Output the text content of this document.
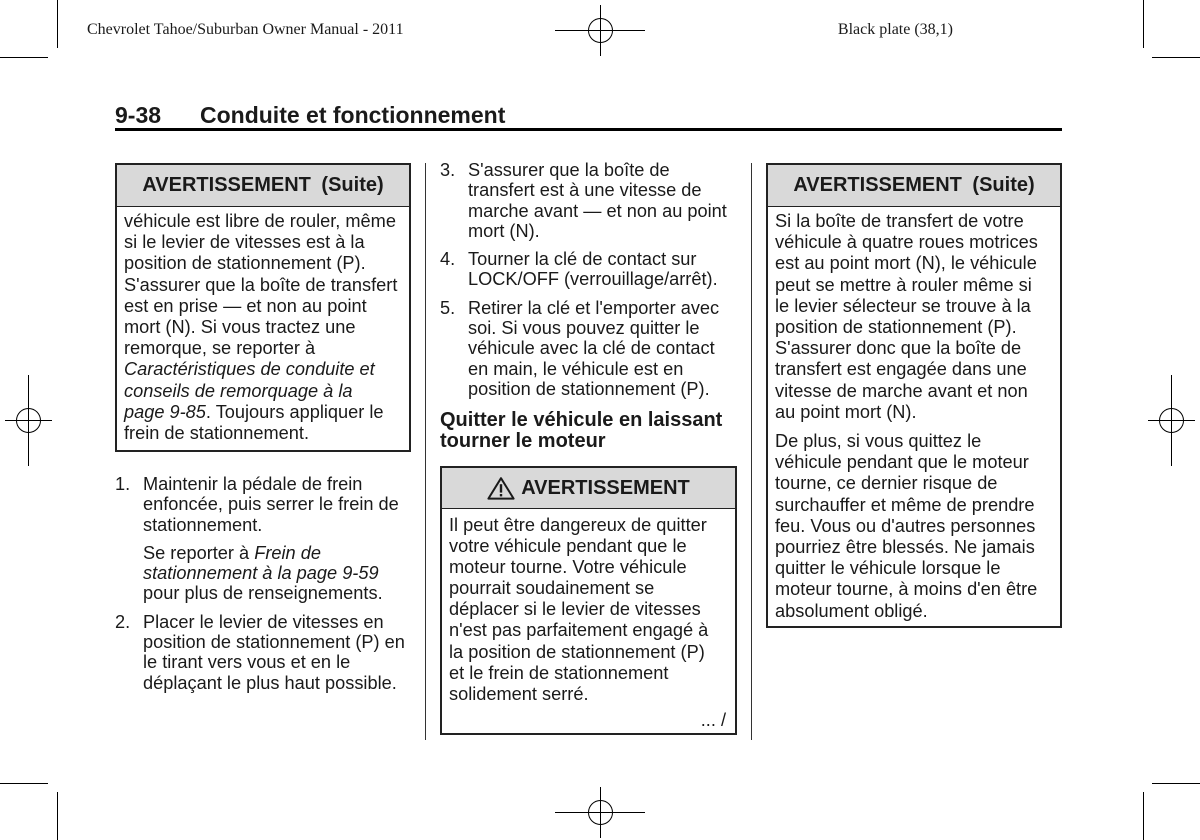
Chevrolet Tahoe/Suburban Owner Manual - 2011	Black plate (38,1)
9-38 Conduite et fonctionnement
AVERTISSEMENT (Suite)
véhicule est libre de rouler, même
si le levier de vitesses est à la
position de stationnement (P).
S'assurer que la boîte de transfert
est en prise — et non au point
mort (N). Si vous tractez une
remorque, se reporter à
Caractéristiques de conduite et
conseils de remorquage à la
page 9-85. Toujours appliquer le
frein de stationnement.
1. Maintenir la pédale de frein
enfoncée, puis serrer le frein de
stationnement.
Se reporter à Frein de
stationnement à la page 9-59
pour plus de renseignements.
2. Placer le levier de vitesses en
position de stationnement (P) en
le tirant vers vous et en le
déplaçant le plus haut possible.
3. S'assurer que la boîte de
transfert est à une vitesse de
marche avant — et non au point
mort (N).
4. Tourner la clé de contact sur
LOCK/OFF (verrouillage/arrêt).
5. Retirer la clé et l'emporter avec
soi. Si vous pouvez quitter le
véhicule avec la clé de contact
en main, le véhicule est en
position de stationnement (P).
Quitter le véhicule en laissant
tourner le moteur
AVERTISSEMENT
Il peut être dangereux de quitter
votre véhicule pendant que le
moteur tourne. Votre véhicule
pourrait soudainement se
déplacer si le levier de vitesses
n'est pas parfaitement engagé à
la position de stationnement (P)
et le frein de stationnement
solidement serré.
... /
AVERTISSEMENT (Suite)
Si la boîte de transfert de votre
véhicule à quatre roues motrices
est au point mort (N), le véhicule
peut se mettre à rouler même si
le levier sélecteur se trouve à la
position de stationnement (P).
S'assurer donc que la boîte de
transfert est engagée dans une
vitesse de marche avant et non
au point mort (N).
De plus, si vous quittez le
véhicule pendant que le moteur
tourne, ce dernier risque de
surchauffer et même de prendre
feu. Vous ou d'autres personnes
pourriez être blessés. Ne jamais
quitter le véhicule lorsque le
moteur tourne, à moins d'en être
absolument obligé.
